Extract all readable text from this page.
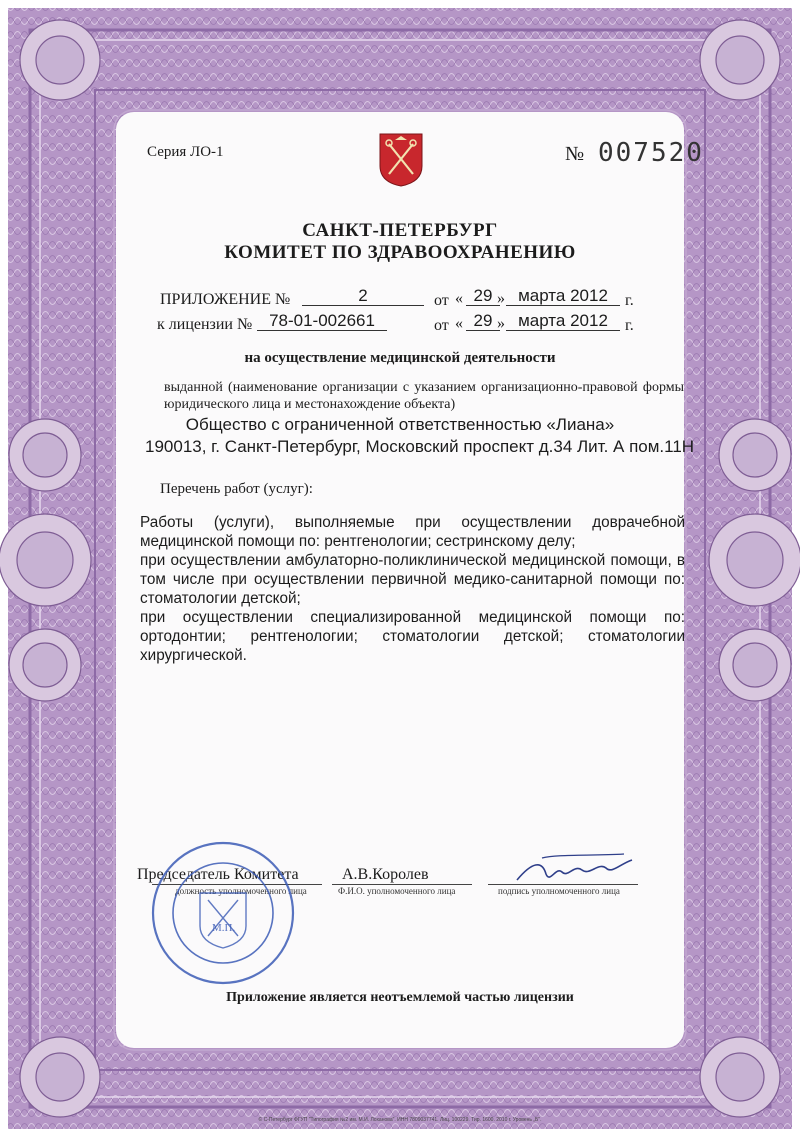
Серия ЛО-1	№ 007520
САНКТ-ПЕТЕРБУРГ
КОМИТЕТ ПО ЗДРАВООХРАНЕНИЮ
ПРИЛОЖЕНИЕ №	2	от « 29 » марта 2012	г.
к лицензии № 78-01-002661	от « 29 » марта 2012	г.
на осуществление медицинской деятельности
выданной (наименование организации с указанием организационно-правовой формы юридического лица и местонахождение объекта)
Общество с ограниченной ответственностью «Лиана»
190013, г. Санкт-Петербург, Московский проспект д.34 Лит. А пом.11Н
Перечень работ (услуг):

Работы (услуги), выполняемые при осуществлении доврачебной медицинской помощи по: рентгенологии; сестринскому делу;

при осуществлении амбулаторно-поликлинической медицинской помощи, в том числе при осуществлении первичной медико-санитарной помощи по: стоматологии детской;

при осуществлении специализированной медицинской помощи по: ортодонтии; рентгенологии; стоматологии детской; стоматологии хирургической.

Председатель Комитета	А.В.Королев
должность уполномоченного лица	Ф.И.О. уполномоченного лица	подпись уполномоченного лица
М.П.
Приложение является неотъемлемой частью лицензии
© С-Петербург ФГУП "Типография №2 им. М.И. Лоханова". ИНН 7809037741. Лиц. 100229. Тир. 1600. 2010 г. Уровень „Б".
